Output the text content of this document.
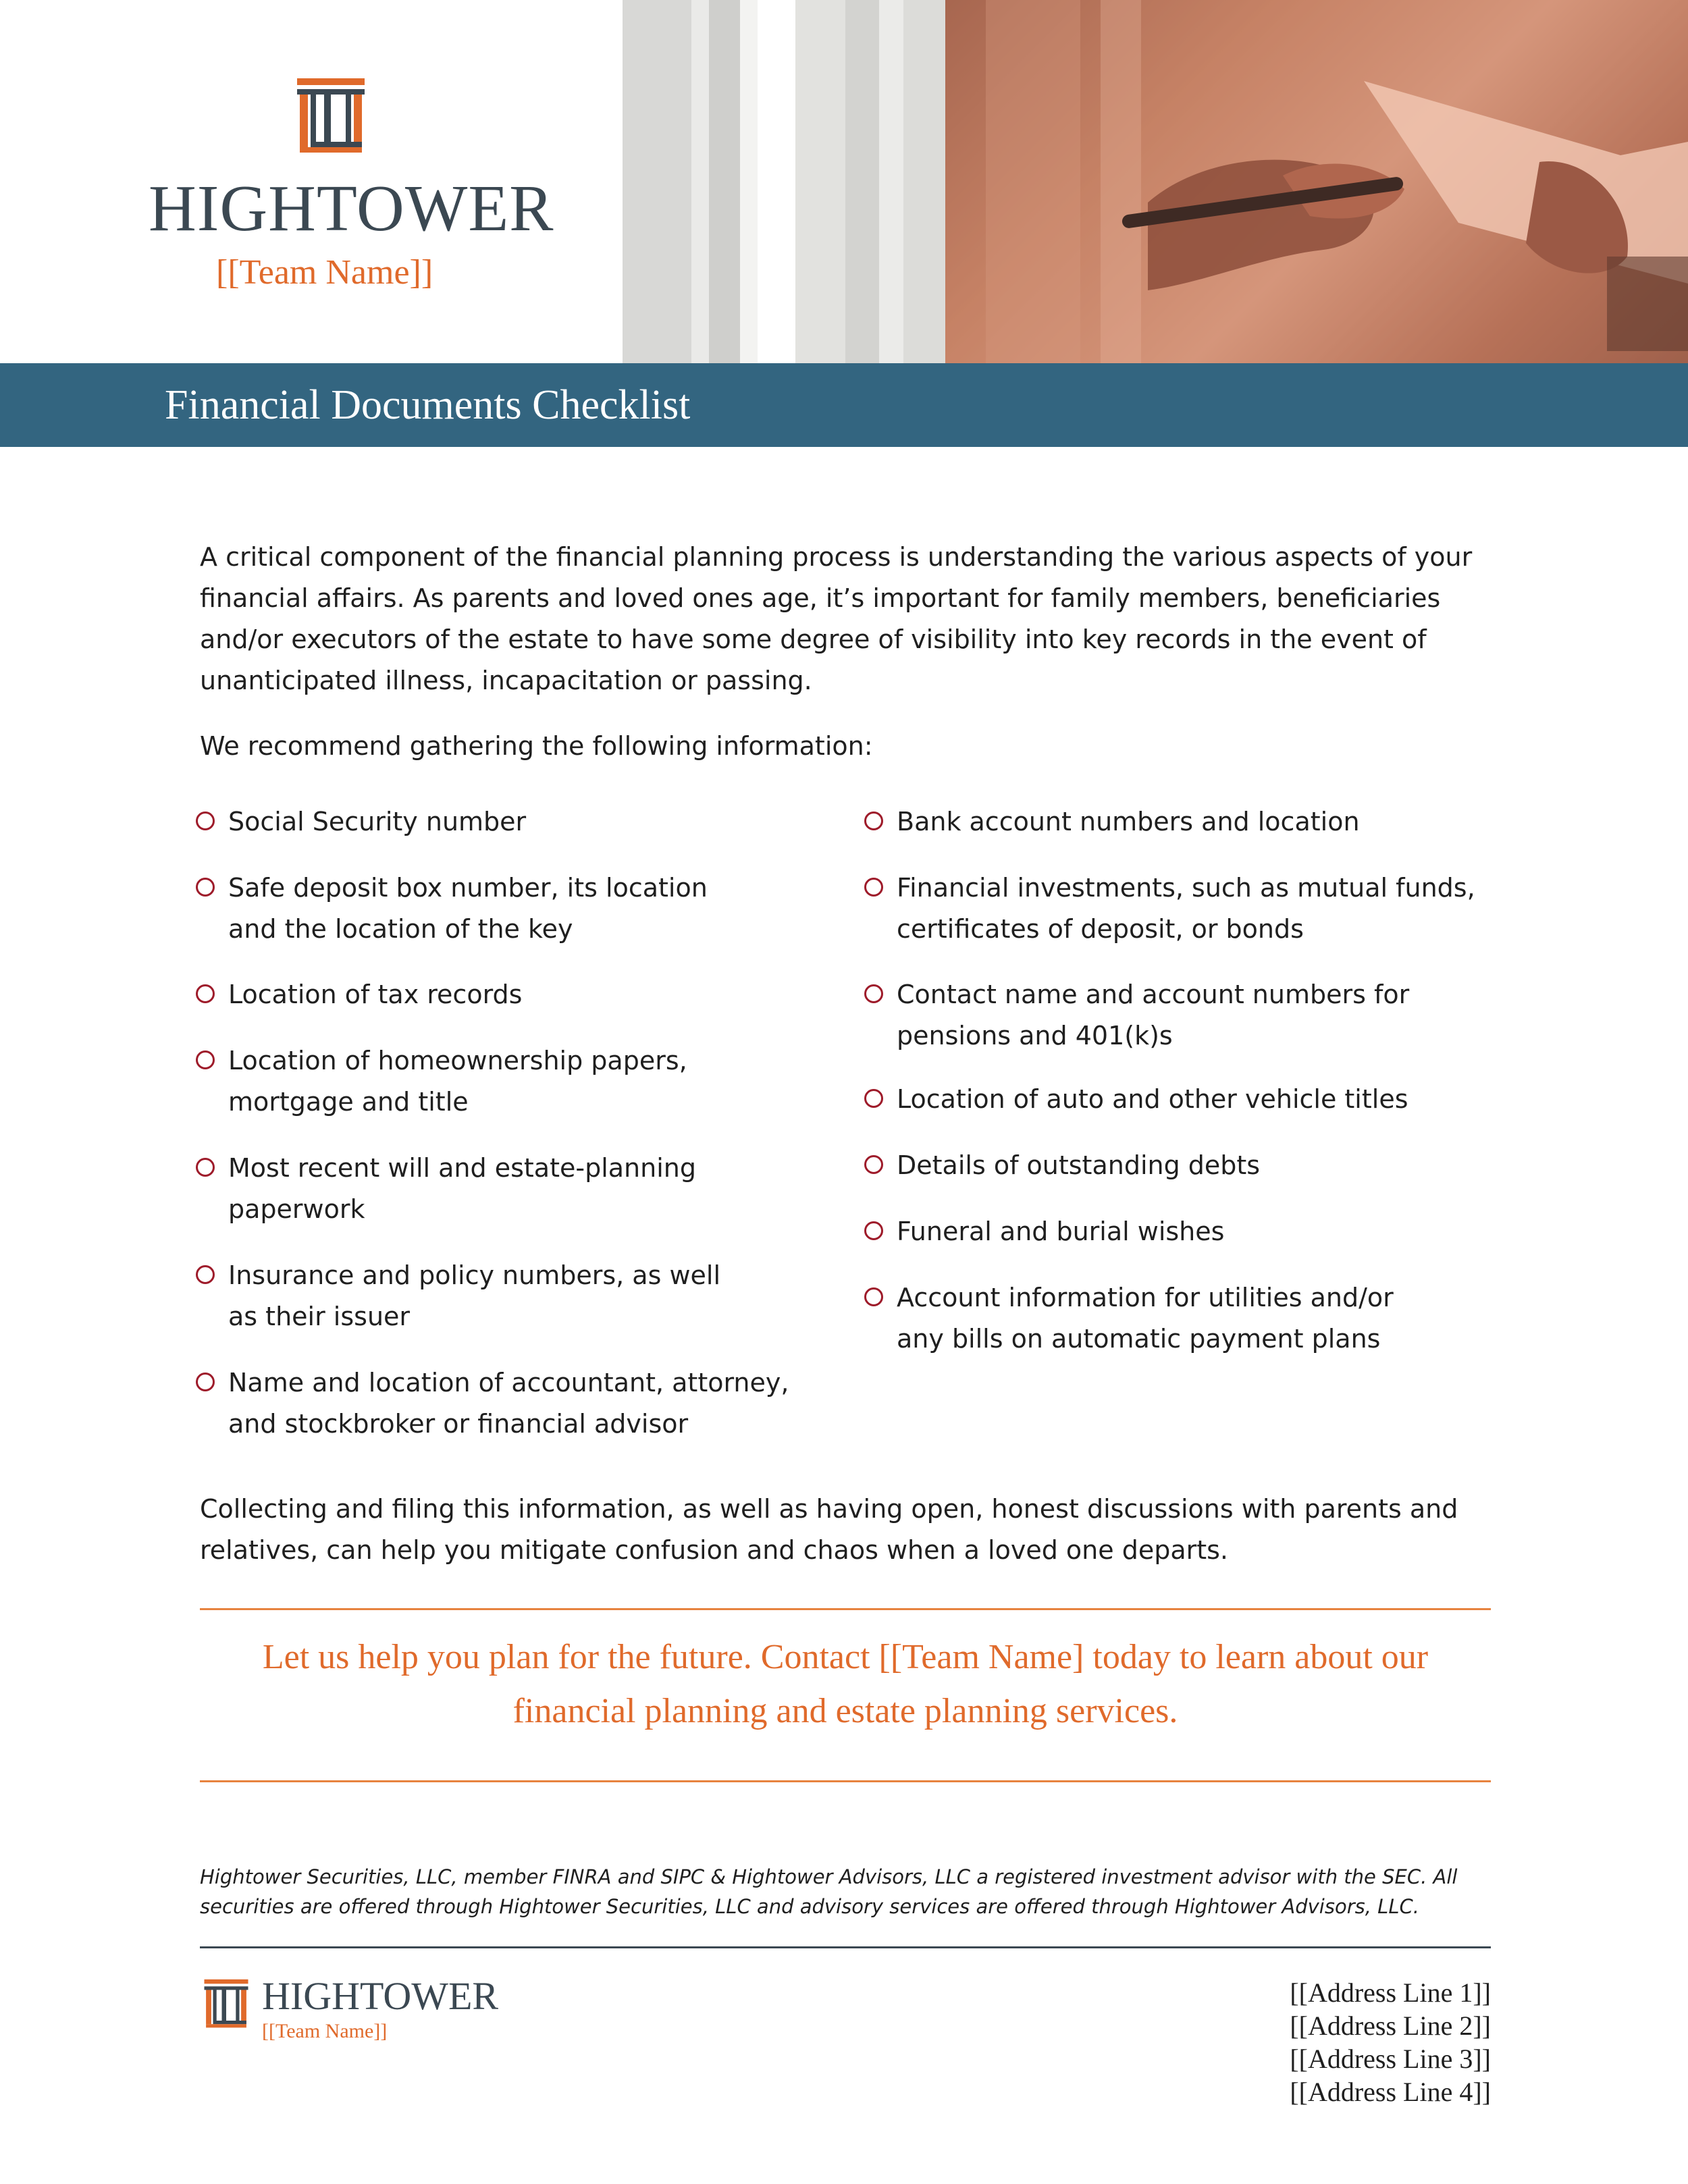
HIGHTOWER
[[Team Name]]
Financial Documents Checklist
A critical component of the financial planning process is understanding the various aspects of your financial affairs. As parents and loved ones age, it’s important for family members, beneficiaries and/or executors of the estate to have some degree of visibility into key records in the event of unanticipated illness, incapacitation or passing.
We recommend gathering the following information:
Social Security number
Safe deposit box number, its location
and the location of the key
Location of tax records
Location of homeownership papers,
mortgage and title
Most recent will and estate-planning
paperwork
Insurance and policy numbers, as well
as their issuer
Name and location of accountant, attorney,
and stockbroker or financial advisor
Bank account numbers and location
Financial investments, such as mutual funds,
certificates of deposit, or bonds
Contact name and account numbers for
pensions and 401(k)s
Location of auto and other vehicle titles
Details of outstanding debts
Funeral and burial wishes
Account information for utilities and/or
any bills on automatic payment plans
Collecting and filing this information, as well as having open, honest discussions with parents and relatives, can help you mitigate confusion and chaos when a loved one departs.
Let us help you plan for the future. Contact [[Team Name] today to learn about our financial planning and estate planning services.
Hightower Securities, LLC, member FINRA and SIPC & Hightower Advisors, LLC a registered investment advisor with the SEC. All securities are offered through Hightower Securities, LLC and advisory services are offered through Hightower Advisors, LLC.
HIGHTOWER
[[Team Name]]
[[Address Line 1]]
[[Address Line 2]]
[[Address Line 3]]
[[Address Line 4]]
